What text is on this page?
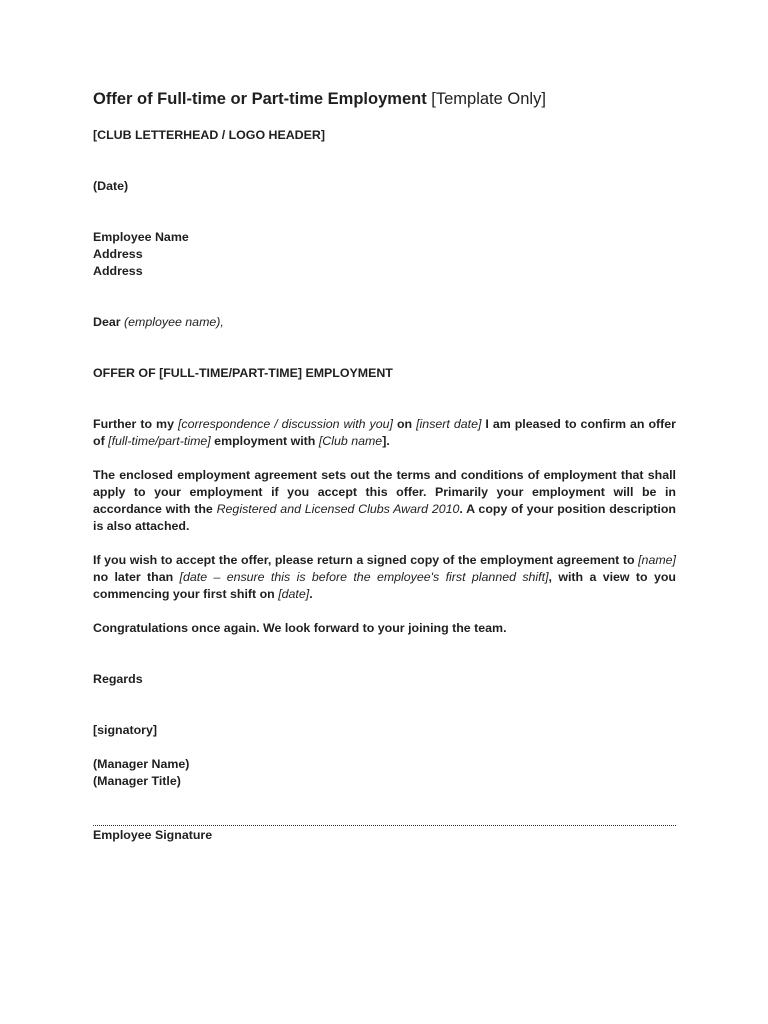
Offer of Full-time or Part-time Employment [Template Only]

[CLUB LETTERHEAD / LOGO HEADER]

(Date)

Employee Name

Address

Address

Dear (employee name),

OFFER OF [FULL-TIME/PART-TIME] EMPLOYMENT

Further to my [correspondence / discussion with you] on [insert date] I am pleased to confirm an offer of [full-time/part-time] employment with [Club name].

The enclosed employment agreement sets out the terms and conditions of employment that shall apply to your employment if you accept this offer. Primarily your employment will be in accordance with the Registered and Licensed Clubs Award 2010. A copy of your position description is also attached.

If you wish to accept the offer, please return a signed copy of the employment agreement to [name] no later than [date – ensure this is before the employee's first planned shift], with a view to you commencing your first shift on [date].

Congratulations once again. We look forward to your joining the team.

Regards

[signatory]

(Manager Name)

(Manager Title)

Employee Signature
